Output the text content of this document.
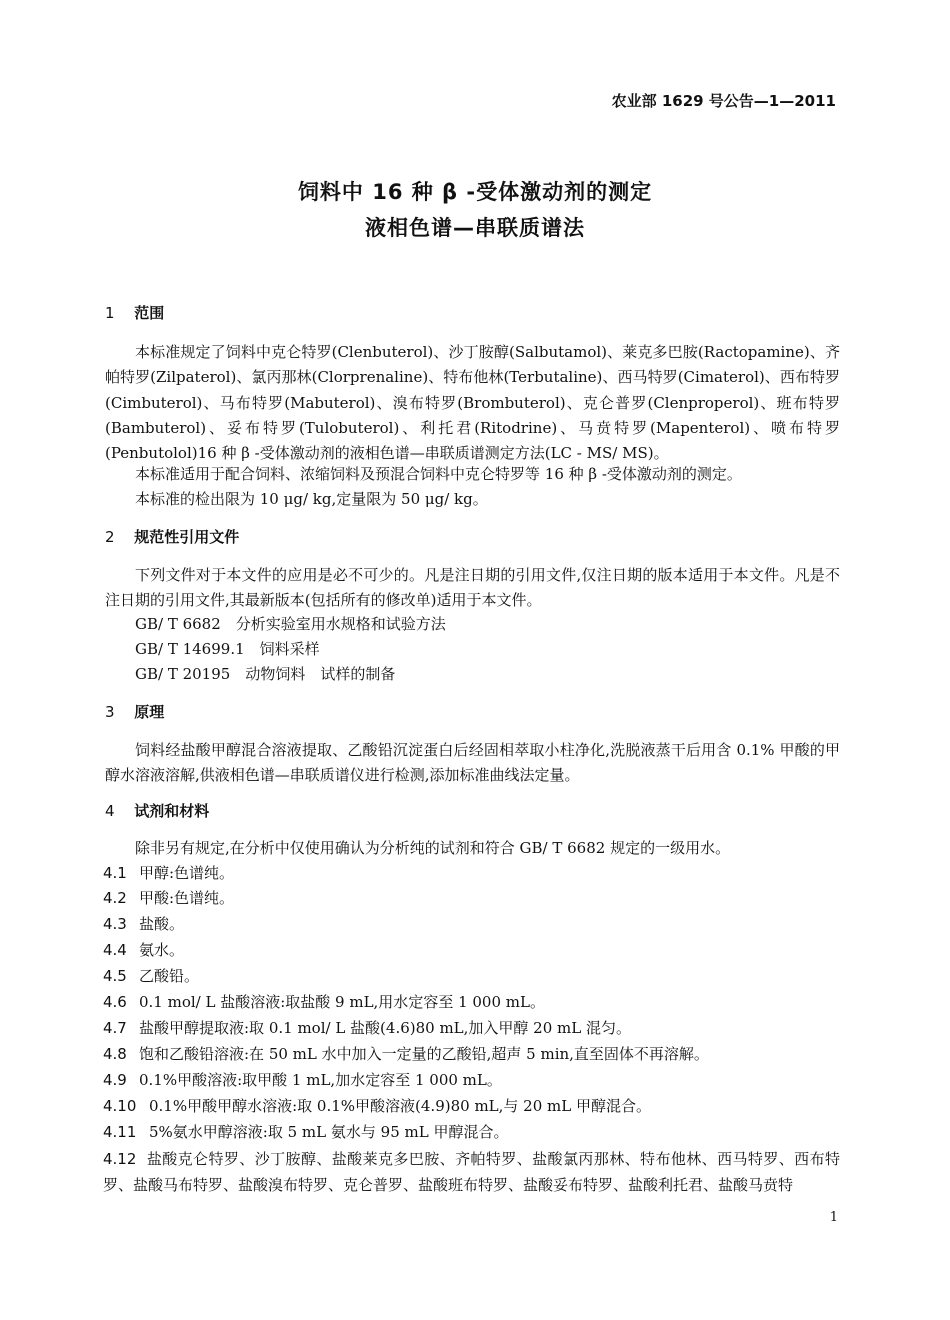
农业部 1629 号公告—1—2011
饲料中 16 种 β -受体激动剂的测定
液相色谱—串联质谱法
1 范围
本标准规定了饲料中克仑特罗(Clenbuterol)、沙丁胺醇(Salbutamol)、莱克多巴胺(Ractopamine)、齐帕特罗(Zilpaterol)、氯丙那林(Clorprenaline)、特布他林(Terbutaline)、西马特罗(Cimaterol)、西布特罗(Cimbuterol)、马布特罗(Mabuterol)、溴布特罗(Brombuterol)、克仑普罗(Clenproperol)、班布特罗(Bambuterol)、妥布特罗(Tulobuterol)、利托君(Ritodrine)、马贲特罗(Mapenterol)、喷布特罗(Penbutolol)16 种 β -受体激动剂的液相色谱—串联质谱测定方法(LC - MS/ MS)。
本标准适用于配合饲料、浓缩饲料及预混合饲料中克仑特罗等 16 种 β -受体激动剂的测定。
本标准的检出限为 10 μg/ kg,定量限为 50 μg/ kg。
2 规范性引用文件
下列文件对于本文件的应用是必不可少的。凡是注日期的引用文件,仅注日期的版本适用于本文件。凡是不注日期的引用文件,其最新版本(包括所有的修改单)适用于本文件。
GB/ T 6682　分析实验室用水规格和试验方法
GB/ T 14699.1　饲料采样
GB/ T 20195　动物饲料　试样的制备
3 原理
饲料经盐酸甲醇混合溶液提取、乙酸铅沉淀蛋白后经固相萃取小柱净化,洗脱液蒸干后用含 0.1% 甲酸的甲醇水溶液溶解,供液相色谱—串联质谱仪进行检测,添加标准曲线法定量。
4 试剂和材料
除非另有规定,在分析中仅使用确认为分析纯的试剂和符合 GB/ T 6682 规定的一级用水。
4.1 甲醇:色谱纯。
4.2 甲酸:色谱纯。
4.3 盐酸。
4.4 氨水。
4.5 乙酸铅。
4.6 0.1 mol/ L 盐酸溶液:取盐酸 9 mL,用水定容至 1 000 mL。
4.7 盐酸甲醇提取液:取 0.1 mol/ L 盐酸(4.6)80 mL,加入甲醇 20 mL 混匀。
4.8 饱和乙酸铅溶液:在 50 mL 水中加入一定量的乙酸铅,超声 5 min,直至固体不再溶解。
4.9 0.1%甲酸溶液:取甲酸 1 mL,加水定容至 1 000 mL。
4.10 0.1%甲酸甲醇水溶液:取 0.1%甲酸溶液(4.9)80 mL,与 20 mL 甲醇混合。
4.11 5%氨水甲醇溶液:取 5 mL 氨水与 95 mL 甲醇混合。
4.12 盐酸克仑特罗、沙丁胺醇、盐酸莱克多巴胺、齐帕特罗、盐酸氯丙那林、特布他林、西马特罗、西布特罗、盐酸马布特罗、盐酸溴布特罗、克仑普罗、盐酸班布特罗、盐酸妥布特罗、盐酸利托君、盐酸马贲特
1
